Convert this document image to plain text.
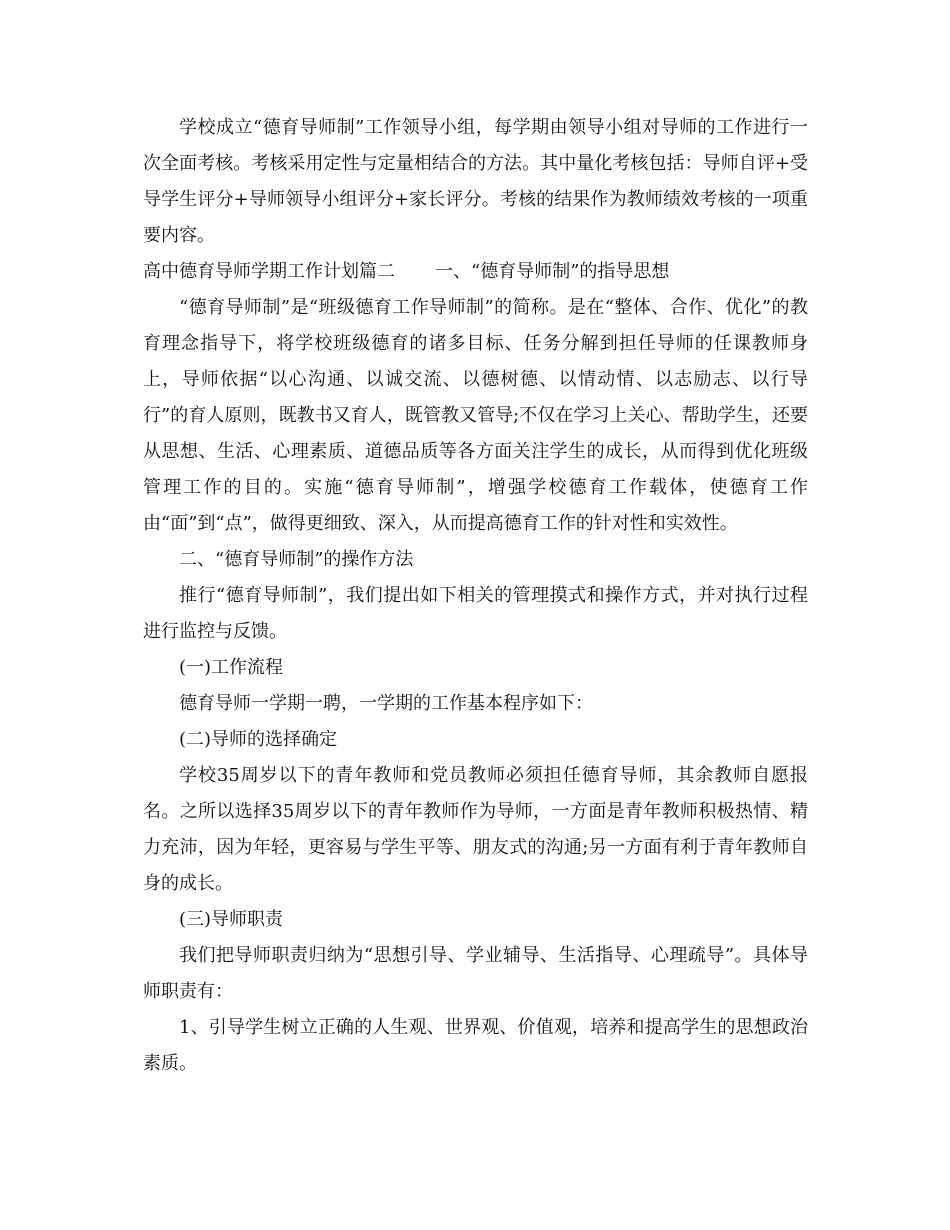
学校成立“德育导师制”工作领导小组，每学期由领导小组对导师的工作进行一次全面考核。考核采用定性与定量相结合的方法。其中量化考核包括：导师自评+受导学生评分+导师领导小组评分+家长评分。考核的结果作为教师绩效考核的一项重要内容。

高中德育导师学期工作计划篇二 一、“德育导师制”的指导思想

“德育导师制”是“班级德育工作导师制”的简称。是在“整体、合作、优化”的教育理念指导下，将学校班级德育的诸多目标、任务分解到担任导师的任课教师身上，导师依据“以心沟通、以诚交流、以德树德、以情动情、以志励志、以行导行”的育人原则，既教书又育人，既管教又管导;不仅在学习上关心、帮助学生，还要从思想、生活、心理素质、道德品质等各方面关注学生的成长，从而得到优化班级管理工作的目的。实施“德育导师制”，增强学校德育工作载体，使德育工作由“面”到“点”，做得更细致、深入，从而提高德育工作的针对性和实效性。

二、“德育导师制”的操作方法

推行“德育导师制”，我们提出如下相关的管理摸式和操作方式，并对执行过程进行监控与反馈。

(一)工作流程

德育导师一学期一聘，一学期的工作基本程序如下：

(二)导师的选择确定

学校35周岁以下的青年教师和党员教师必须担任德育导师，其余教师自愿报名。之所以选择35周岁以下的青年教师作为导师，一方面是青年教师积极热情、精力充沛，因为年轻，更容易与学生平等、朋友式的沟通;另一方面有利于青年教师自身的成长。

(三)导师职责

我们把导师职责归纳为“思想引导、学业辅导、生活指导、心理疏导”。具体导师职责有：

1、引导学生树立正确的人生观、世界观、价值观，培养和提高学生的思想政治素质。
